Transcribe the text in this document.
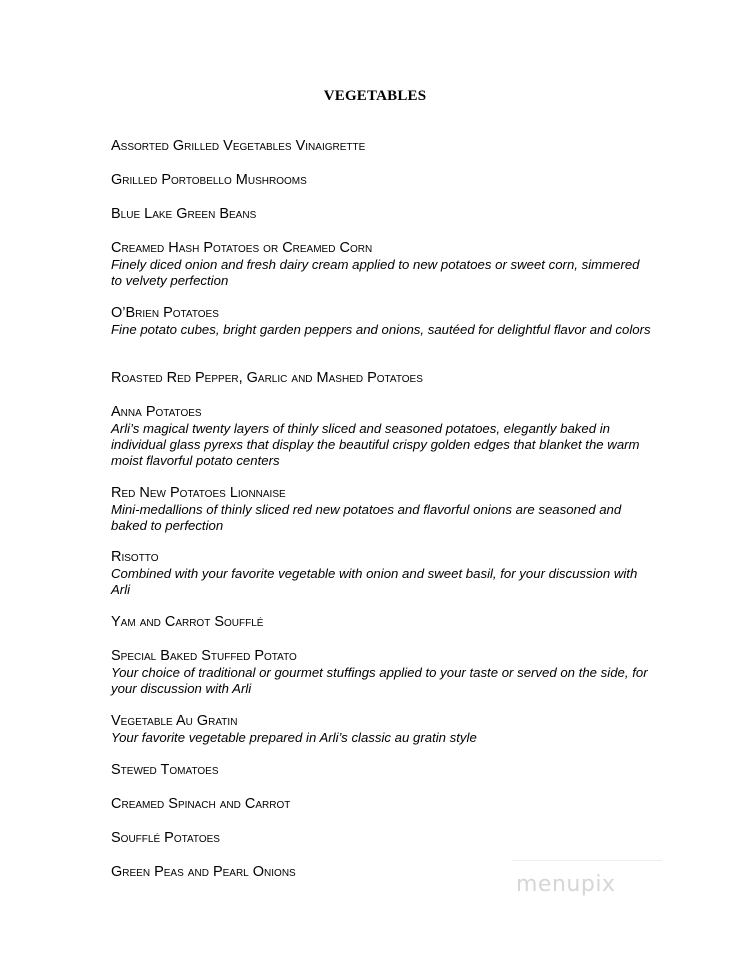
VEGETABLES
Assorted Grilled Vegetables Vinaigrette
Grilled Portobello Mushrooms
Blue Lake Green Beans
Creamed Hash Potatoes or Creamed Corn
Finely diced onion and fresh dairy cream applied to new potatoes or sweet corn, simmered to velvety perfection
O’Brien Potatoes
Fine potato cubes, bright garden peppers and onions, sautéed for delightful flavor and colors
Roasted Red Pepper, Garlic and Mashed Potatoes
Anna Potatoes
Arli’s magical twenty layers of thinly sliced and seasoned potatoes, elegantly baked in individual glass pyrexs that display the beautiful crispy golden edges that blanket the warm moist flavorful potato centers
Red New Potatoes Lionnaise
Mini-medallions of thinly sliced red new potatoes and flavorful onions are seasoned and baked to perfection
Risotto
Combined with your favorite vegetable with onion and sweet basil, for your discussion with Arli
Yam and Carrot Soufflé
Special Baked Stuffed Potato
Your choice of traditional or gourmet stuffings applied to your taste or served on the side, for your discussion with Arli
Vegetable Au Gratin
Your favorite vegetable prepared in Arli’s classic au gratin style
Stewed Tomatoes
Creamed Spinach and Carrot
Soufflé Potatoes
Green Peas and Pearl Onions	menupix
